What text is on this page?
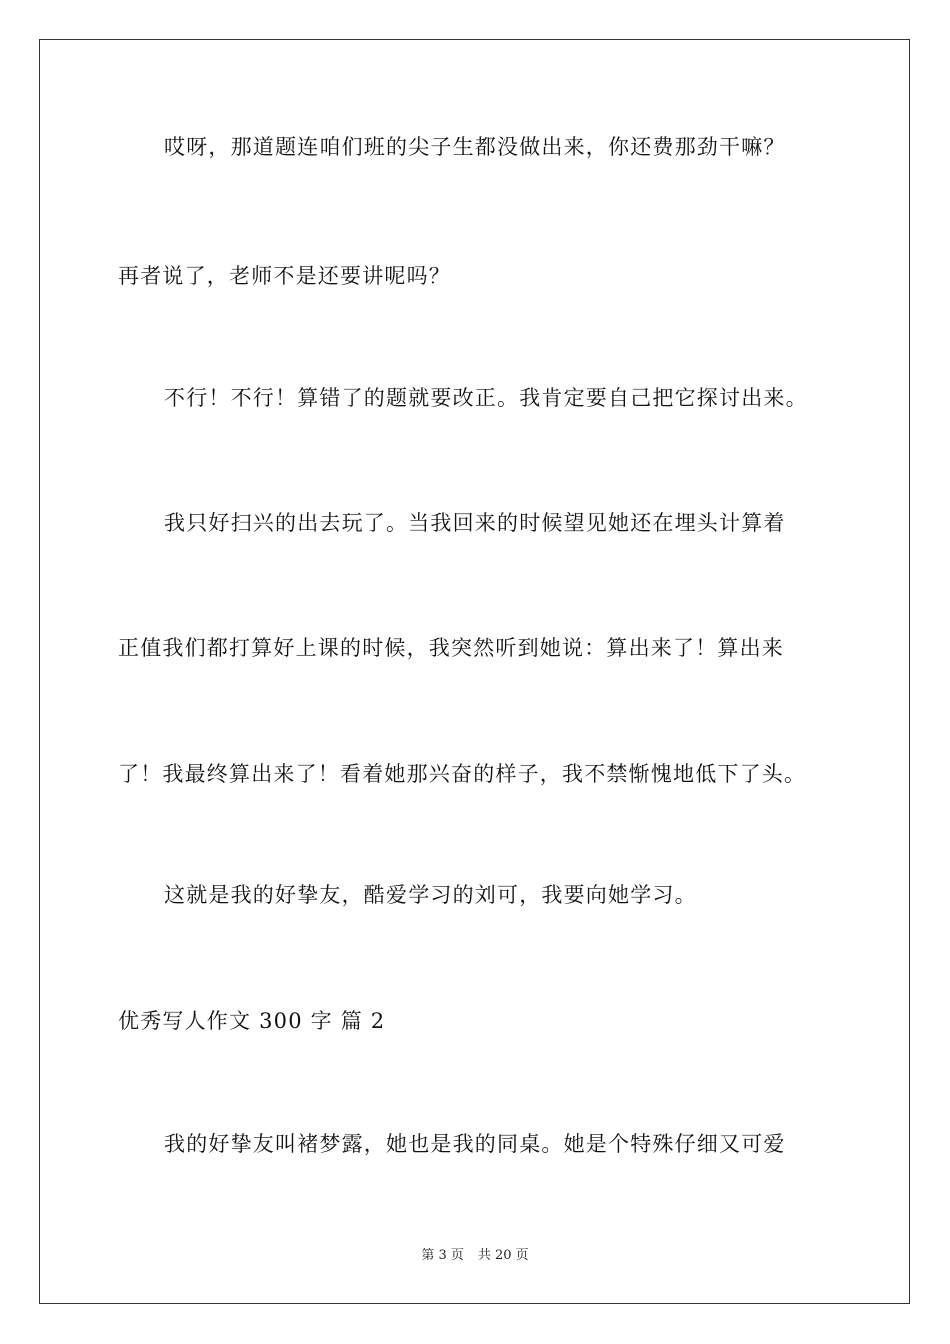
哎呀，那道题连咱们班的尖子生都没做出来，你还费那劲干嘛？
再者说了，老师不是还要讲呢吗？
不行！不行！算错了的题就要改正。我肯定要自己把它探讨出来。
我只好扫兴的出去玩了。当我回来的时候望见她还在埋头计算着
正值我们都打算好上课的时候，我突然听到她说：算出来了！算出来
了！我最终算出来了！看着她那兴奋的样子，我不禁惭愧地低下了头。
这就是我的好挚友，酷爱学习的刘可，我要向她学习。
优秀写人作文 300 字 篇 2
我的好挚友叫褚梦露，她也是我的同桌。她是个特殊仔细又可爱
第 3 页 共 20 页
